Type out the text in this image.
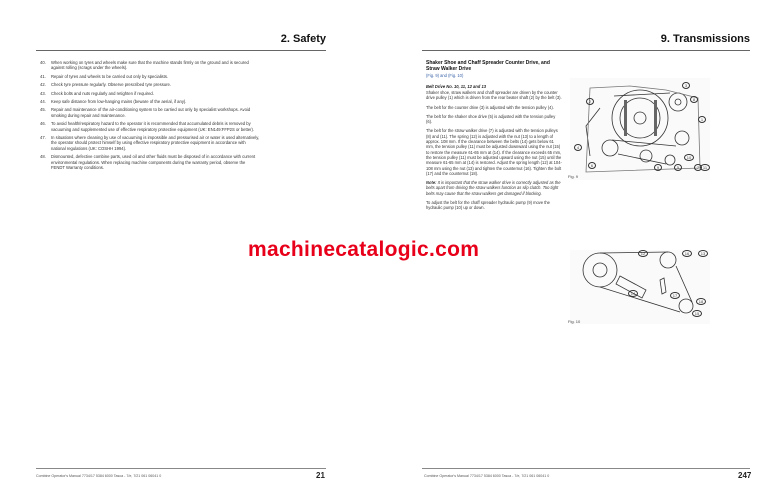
2. Safety
40.	When working on tyres and wheels make sure that the machine stands firmly on the ground and is secured against rolling (scrags under the wheels).
41.	Repair of tyres and wheels to be carried out only by specialists.
42.	Check tyre pressure regularly. Observe prescribed tyre pressure.
43.	Check bolts and nuts regularly and retighten if required.
44.	Keep safe distance from low-hanging mains (beware of the aerial, if any).
45.	Repair and maintenance of the air-conditioning system to be carried out only by specialist workshops. Avoid smoking during repair and maintenance.
46.	To avoid health/respiratory hazard to the operator it is recommended that accumulated debris is removed by vacuuming and supplemented use of effective respiratory protective equipment (UK: EN149:FFP2S or better).
47.	In situations where cleaning by use of vacuuming is impossible and pressurised air or water is used alternatively, the operator should protect himself by using effective respiratory protective equipment in accordance with national regulations (UK: COSHH 1994).
48.	Dismounted, defective combine parts, used oil and other fluids must be disposed of in accordance with current environmental regulations. When replacing machine components during the warranty period, observe the FENDT Warranty conditions.
Combine Operator's Manual 7734/17 5384 6000 Tasca - 7/e, 7/21 061 06041 0	21
9. Transmissions
Shaker Shoe and Chaff Spreader Counter Drive, and Straw Walker Drive
(Fig. 9) and (Fig. 10)
Belt Drive No. 10, 11, 12 and 13
Shaker shoe, straw walkers and chaff spreader are driven by the counter drive pulley (1) which is driven from the rear beater shaft (2) by the belt (3).
The belt for the counter drive (3) is adjusted with the tension pulley (4).
The belt for the shaker shoe drive (5) is adjusted with the tension pulley (6).
The belt for the straw walker drive (7) is adjusted with the tension pulleys (8) and (11). The spring (12) is adjusted with the nut (13) to a length of approx. 108 mm. If the clearance between the belts (14) gets below 61 mm, the tension pulley (11) must be adjusted downward using the nut (15) to restore the measure 61-65 mm at (14). If the clearance exceeds 65 mm, the tension pulley (11) must be adjusted upward using the nut (15) until the measure 61-65 mm at (14) is restored. Adjust the spring length (12) at 104-108 mm using the nut (13) and tighten the counternut (16). Tighten the bolt (17) and the counternut (18).
Note: It is important that the straw walker drive is correctly adjusted as the belts apart from driving the straw walkers function as slip clutch. Too tight belts may cause that the straw walkers get damaged if blocking.
To adjust the belt for the chaff spreader hydraulic pump (9) move the hydraulic pump (10) up or down.
3
2
1
4
5
6	7
8
9
10
11
Fig. 9
12	13
14
15
16
17
18
Fig. 10
Combine Operator's Manual 7734/17 5384 6000 Tasca - 7/e, 7/21 061 06041 0	247
machinecatalogic.com
